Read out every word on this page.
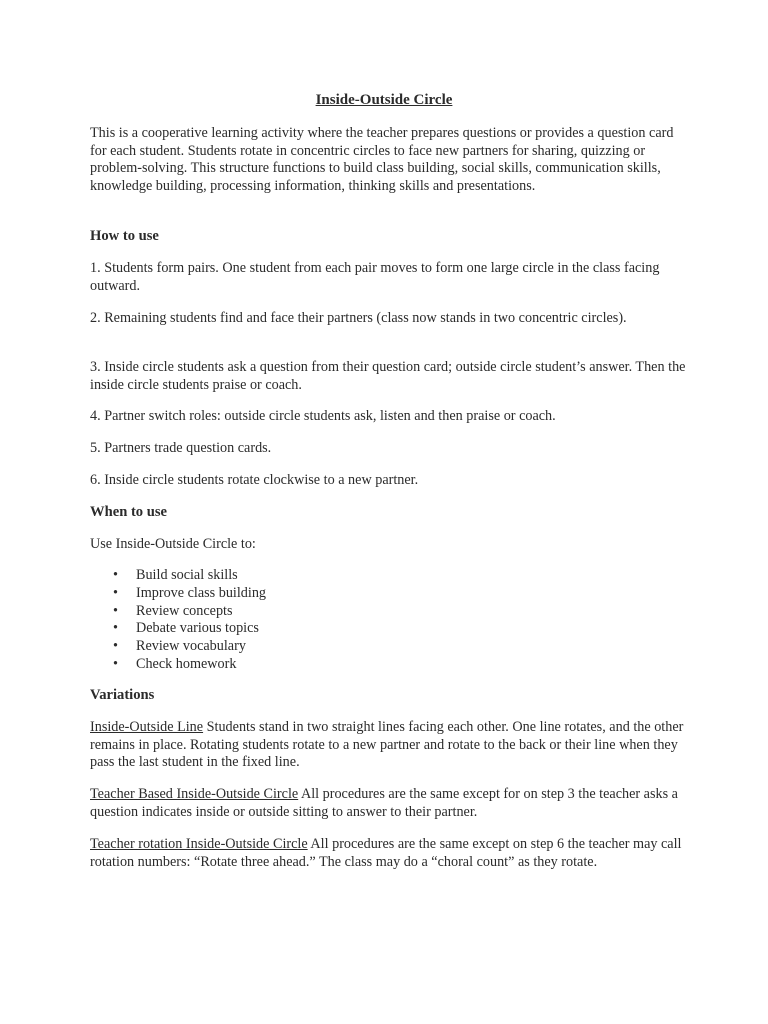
Inside-Outside Circle
This is a cooperative learning activity where the teacher prepares questions or provides a question card for each student. Students rotate in concentric circles to face new partners for sharing, quizzing or problem-solving. This structure functions to build class building, social skills, communication skills, knowledge building, processing information, thinking skills and presentations.
How to use
1. Students form pairs. One student from each pair moves to form one large circle in the class facing outward.
2. Remaining students find and face their partners (class now stands in two concentric circles).
3. Inside circle students ask a question from their question card; outside circle student’s answer. Then the inside circle students praise or coach.
4. Partner switch roles: outside circle students ask, listen and then praise or coach.
5. Partners trade question cards.
6. Inside circle students rotate clockwise to a new partner.
When to use
Use Inside-Outside Circle to:
• Build social skills
• Improve class building
• Review concepts
• Debate various topics
• Review vocabulary
• Check homework
Variations
Inside-Outside Line Students stand in two straight lines facing each other. One line rotates, and the other remains in place. Rotating students rotate to a new partner and rotate to the back or their line when they pass the last student in the fixed line.
Teacher Based Inside-Outside Circle All procedures are the same except for on step 3 the teacher asks a question indicates inside or outside sitting to answer to their partner.
Teacher rotation Inside-Outside Circle All procedures are the same except on step 6 the teacher may call rotation numbers: “Rotate three ahead.” The class may do a “choral count” as they rotate.
